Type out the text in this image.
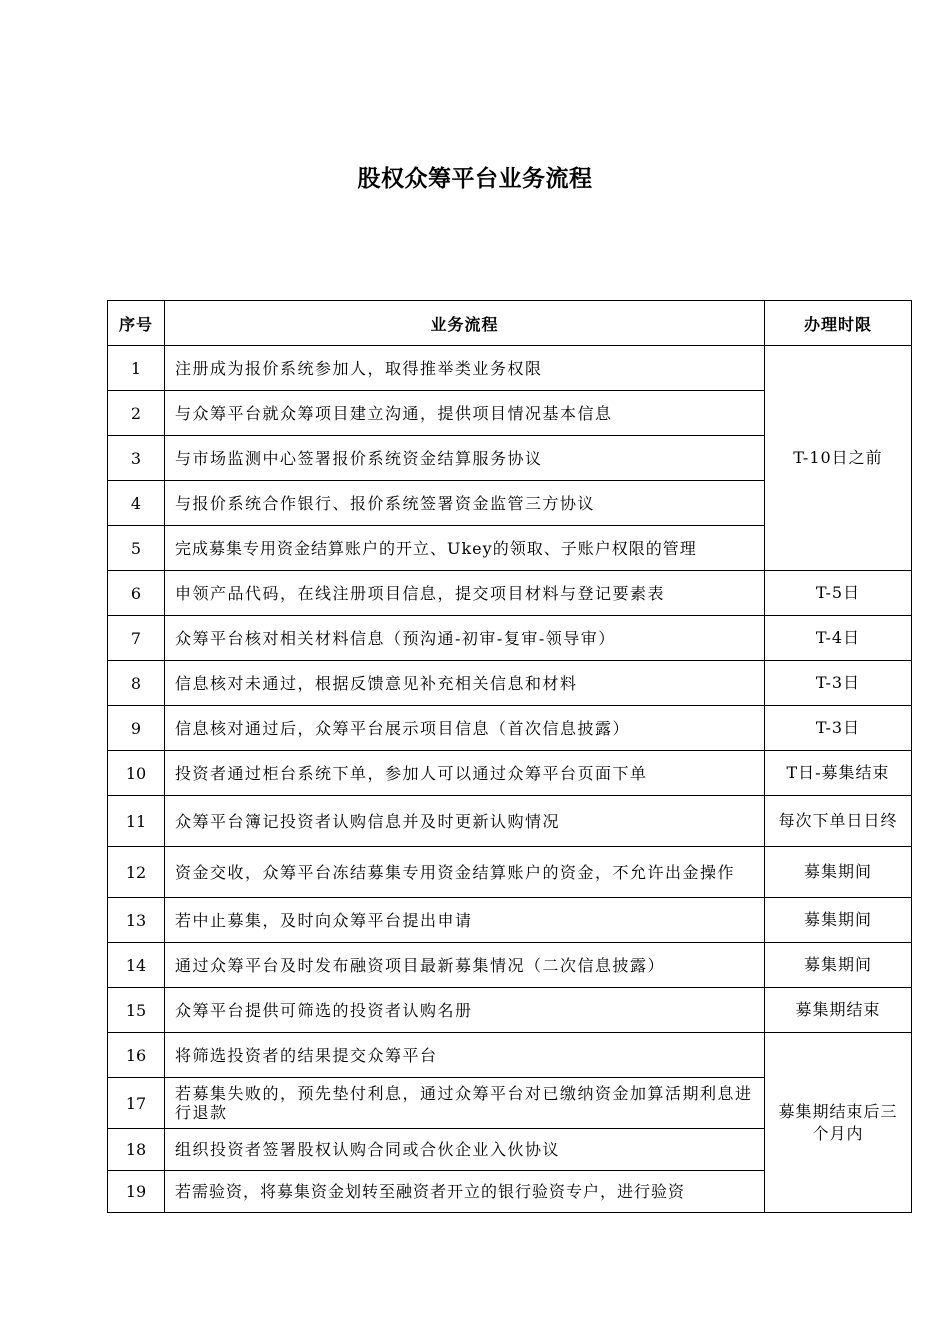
股权众筹平台业务流程
序号	业务流程	办理时限
1	注册成为报价系统参加人，取得推举类业务权限	T-10日之前
2	与众筹平台就众筹项目建立沟通，提供项目情况基本信息	
3	与市场监测中心签署报价系统资金结算服务协议	
4	与报价系统合作银行、报价系统签署资金监管三方协议	
5	完成募集专用资金结算账户的开立、Ukey的领取、子账户权限的管理	
6	申领产品代码，在线注册项目信息，提交项目材料与登记要素表	T-5日
7	众筹平台核对相关材料信息（预沟通-初审-复审-领导审）	T-4日
8	信息核对未通过，根据反馈意见补充相关信息和材料	T-3日
9	信息核对通过后，众筹平台展示项目信息（首次信息披露）	T-3日
10	投资者通过柜台系统下单，参加人可以通过众筹平台页面下单	T日-募集结束
11	众筹平台簿记投资者认购信息并及时更新认购情况	每次下单日日终
12	资金交收，众筹平台冻结募集专用资金结算账户的资金，不允许出金操作	募集期间
13	若中止募集，及时向众筹平台提出申请	募集期间
14	通过众筹平台及时发布融资项目最新募集情况（二次信息披露）	募集期间
15	众筹平台提供可筛选的投资者认购名册	募集期结束
16	将筛选投资者的结果提交众筹平台	募集期结束后三个月内
17	若募集失败的，预先垫付利息，通过众筹平台对已缴纳资金加算活期利息进行退款	
18	组织投资者签署股权认购合同或合伙企业入伙协议	
19	若需验资，将募集资金划转至融资者开立的银行验资专户，进行验资	
